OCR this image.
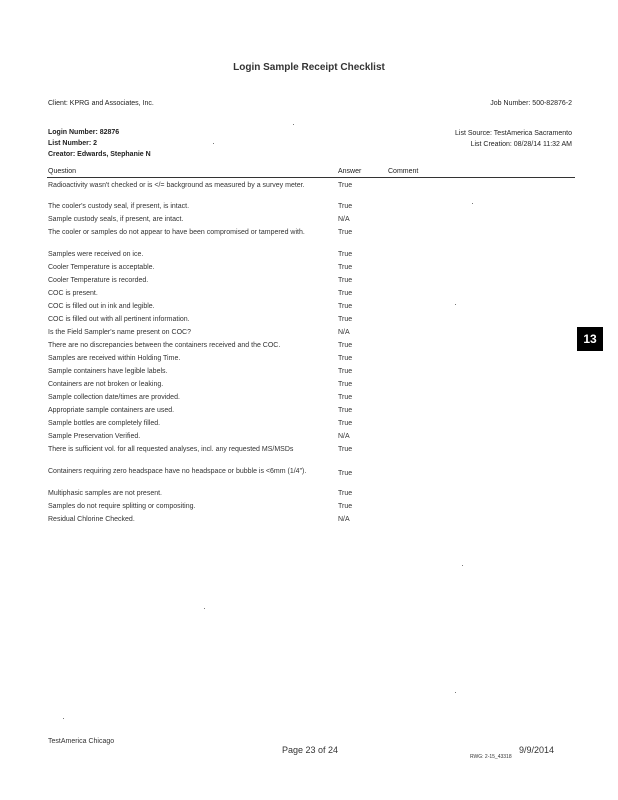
Login Sample Receipt Checklist
Client: KPRG and Associates, Inc.	Job Number: 500-82876-2
Login Number: 82876
List Number: 2
Creator: Edwards, Stephanie N
List Source: TestAmerica Sacramento
List Creation: 08/28/14 11:32 AM
Question	Answer	Comment
Radioactivity wasn't checked or is </= background as measured by a survey meter.	True
The cooler's custody seal, if present, is intact.	True
Sample custody seals, if present, are intact.	N/A
The cooler or samples do not appear to have been compromised or tampered with.	True
Samples were received on ice.	True
Cooler Temperature is acceptable.	True
Cooler Temperature is recorded.	True
COC is present.	True
COC is filled out in ink and legible.	True
COC is filled out with all pertinent information.	True
Is the Field Sampler's name present on COC?	N/A
There are no discrepancies between the containers received and the COC.	True
Samples are received within Holding Time.	True
Sample containers have legible labels.	True
Containers are not broken or leaking.	True
Sample collection date/times are provided.	True
Appropriate sample containers are used.	True
Sample bottles are completely filled.	True
Sample Preservation Verified.	N/A
There is sufficient vol. for all requested analyses, incl. any requested MS/MSDs	True
Containers requiring zero headspace have no headspace or bubble is <6mm (1/4").	True
Multiphasic samples are not present.	True
Samples do not require splitting or compositing.	True
Residual Chlorine Checked.	N/A
13
TestAmerica Chicago
Page 23 of 24	9/9/2014
RWG: 2-15_43318
